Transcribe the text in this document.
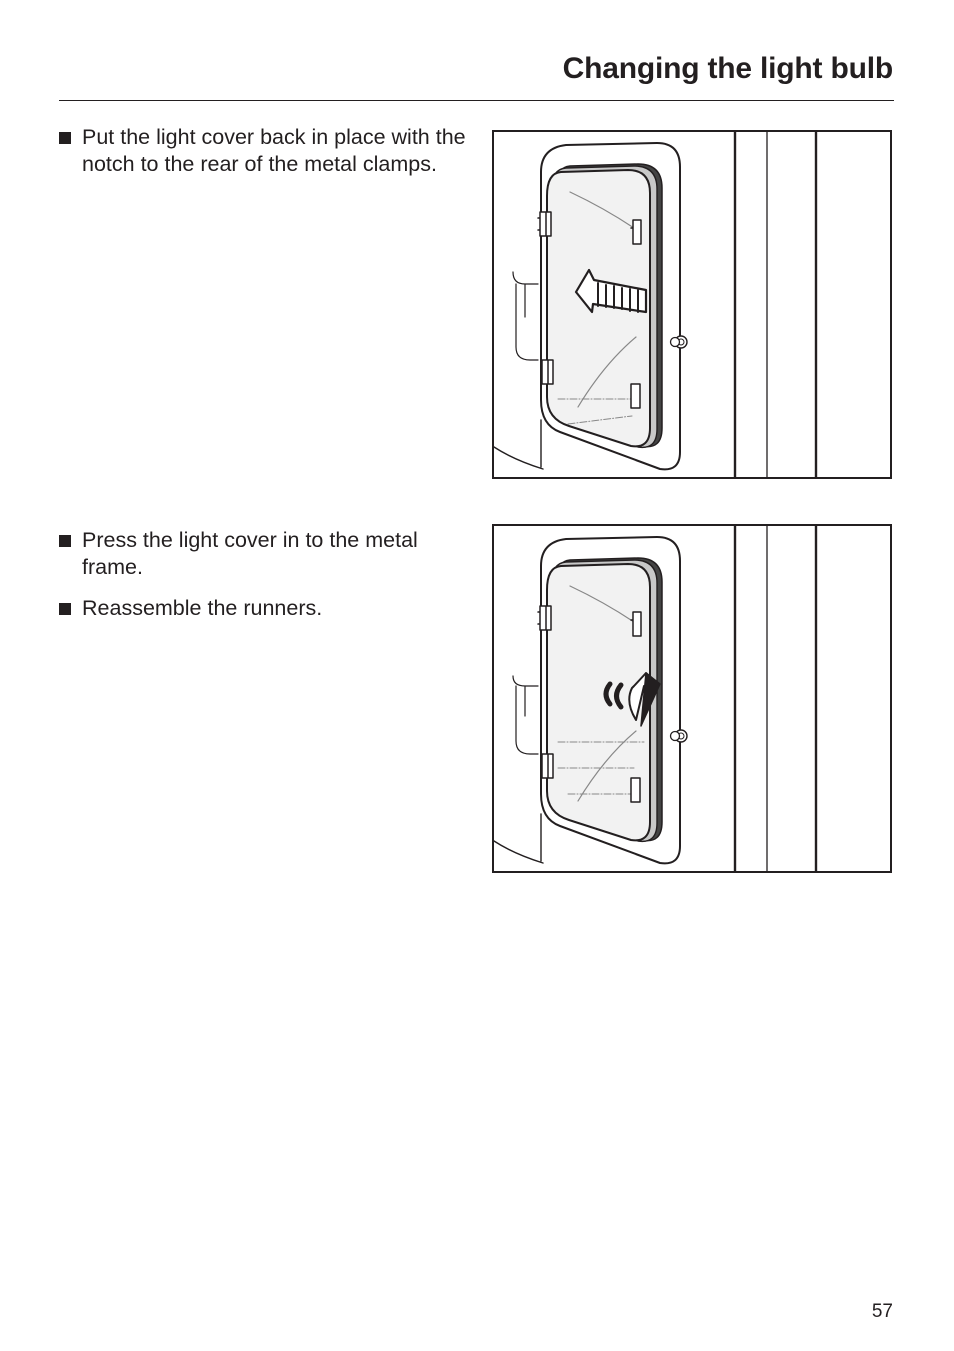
Changing the light bulb
Put the light cover back in place with the notch to the rear of the metal clamps.
Press the light cover in to the metal frame.
Reassemble the runners.
57
